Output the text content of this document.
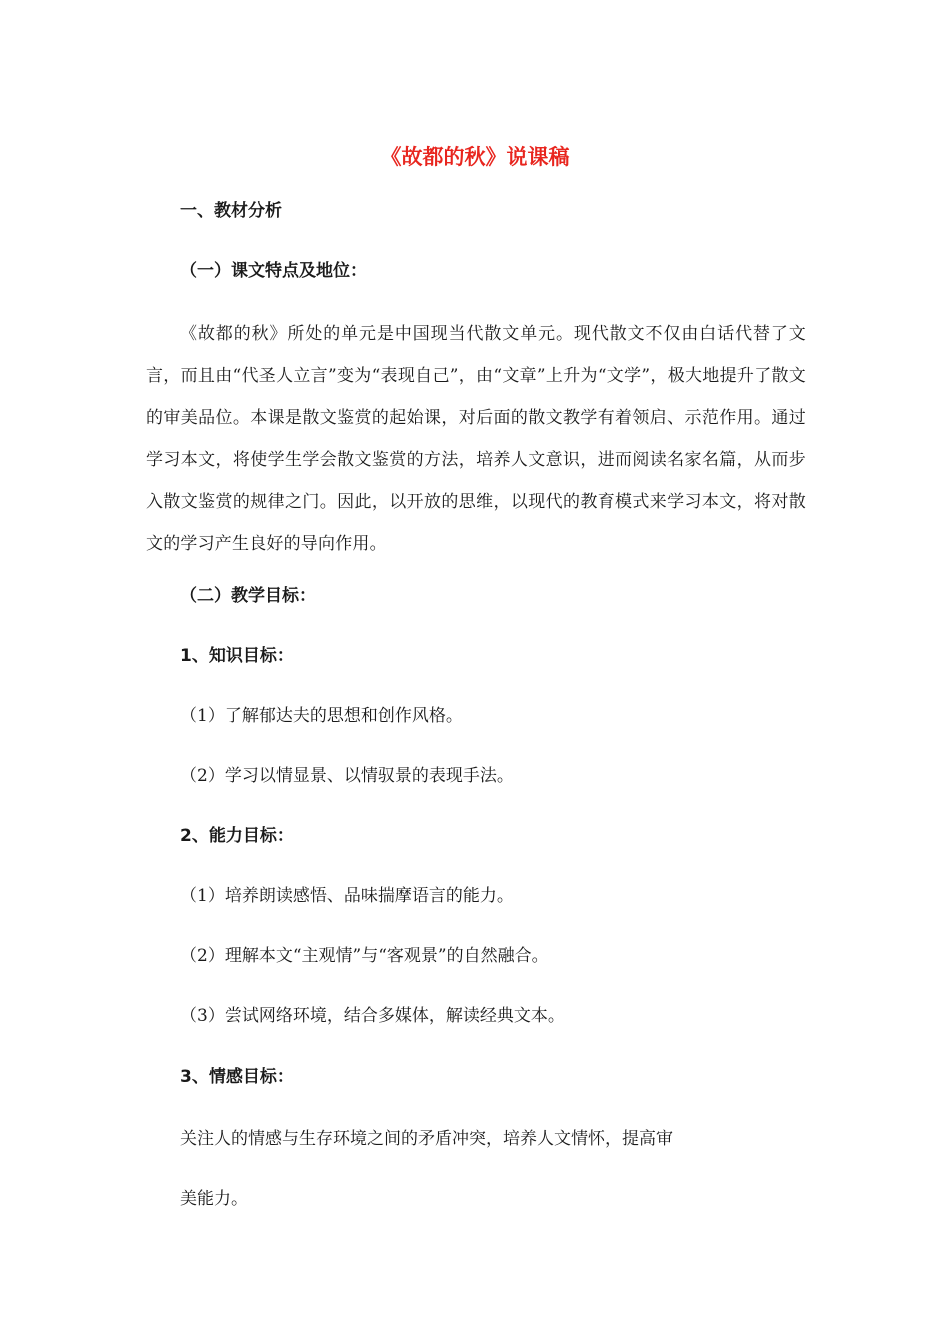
《故都的秋》说课稿
一、教材分析
（一）课文特点及地位：
《故都的秋》所处的单元是中国现当代散文单元。现代散文不仅由白话代替了文言，而且由“代圣人立言”变为“表现自己”，由“文章”上升为“文学”，极大地提升了散文的审美品位。本课是散文鉴赏的起始课，对后面的散文教学有着领启、示范作用。通过学习本文，将使学生学会散文鉴赏的方法，培养人文意识，进而阅读名家名篇，从而步入散文鉴赏的规律之门。因此，以开放的思维，以现代的教育模式来学习本文，将对散文的学习产生良好的导向作用。
（二）教学目标：
1、知识目标：
（1）了解郁达夫的思想和创作风格。
（2）学习以情显景、以情驭景的表现手法。
2、能力目标：
（1）培养朗读感悟、品味揣摩语言的能力。
（2）理解本文“主观情”与“客观景”的自然融合。
（3）尝试网络环境，结合多媒体，解读经典文本。
3、情感目标：
关注人的情感与生存环境之间的矛盾冲突，培养人文情怀，提高审
美能力。
